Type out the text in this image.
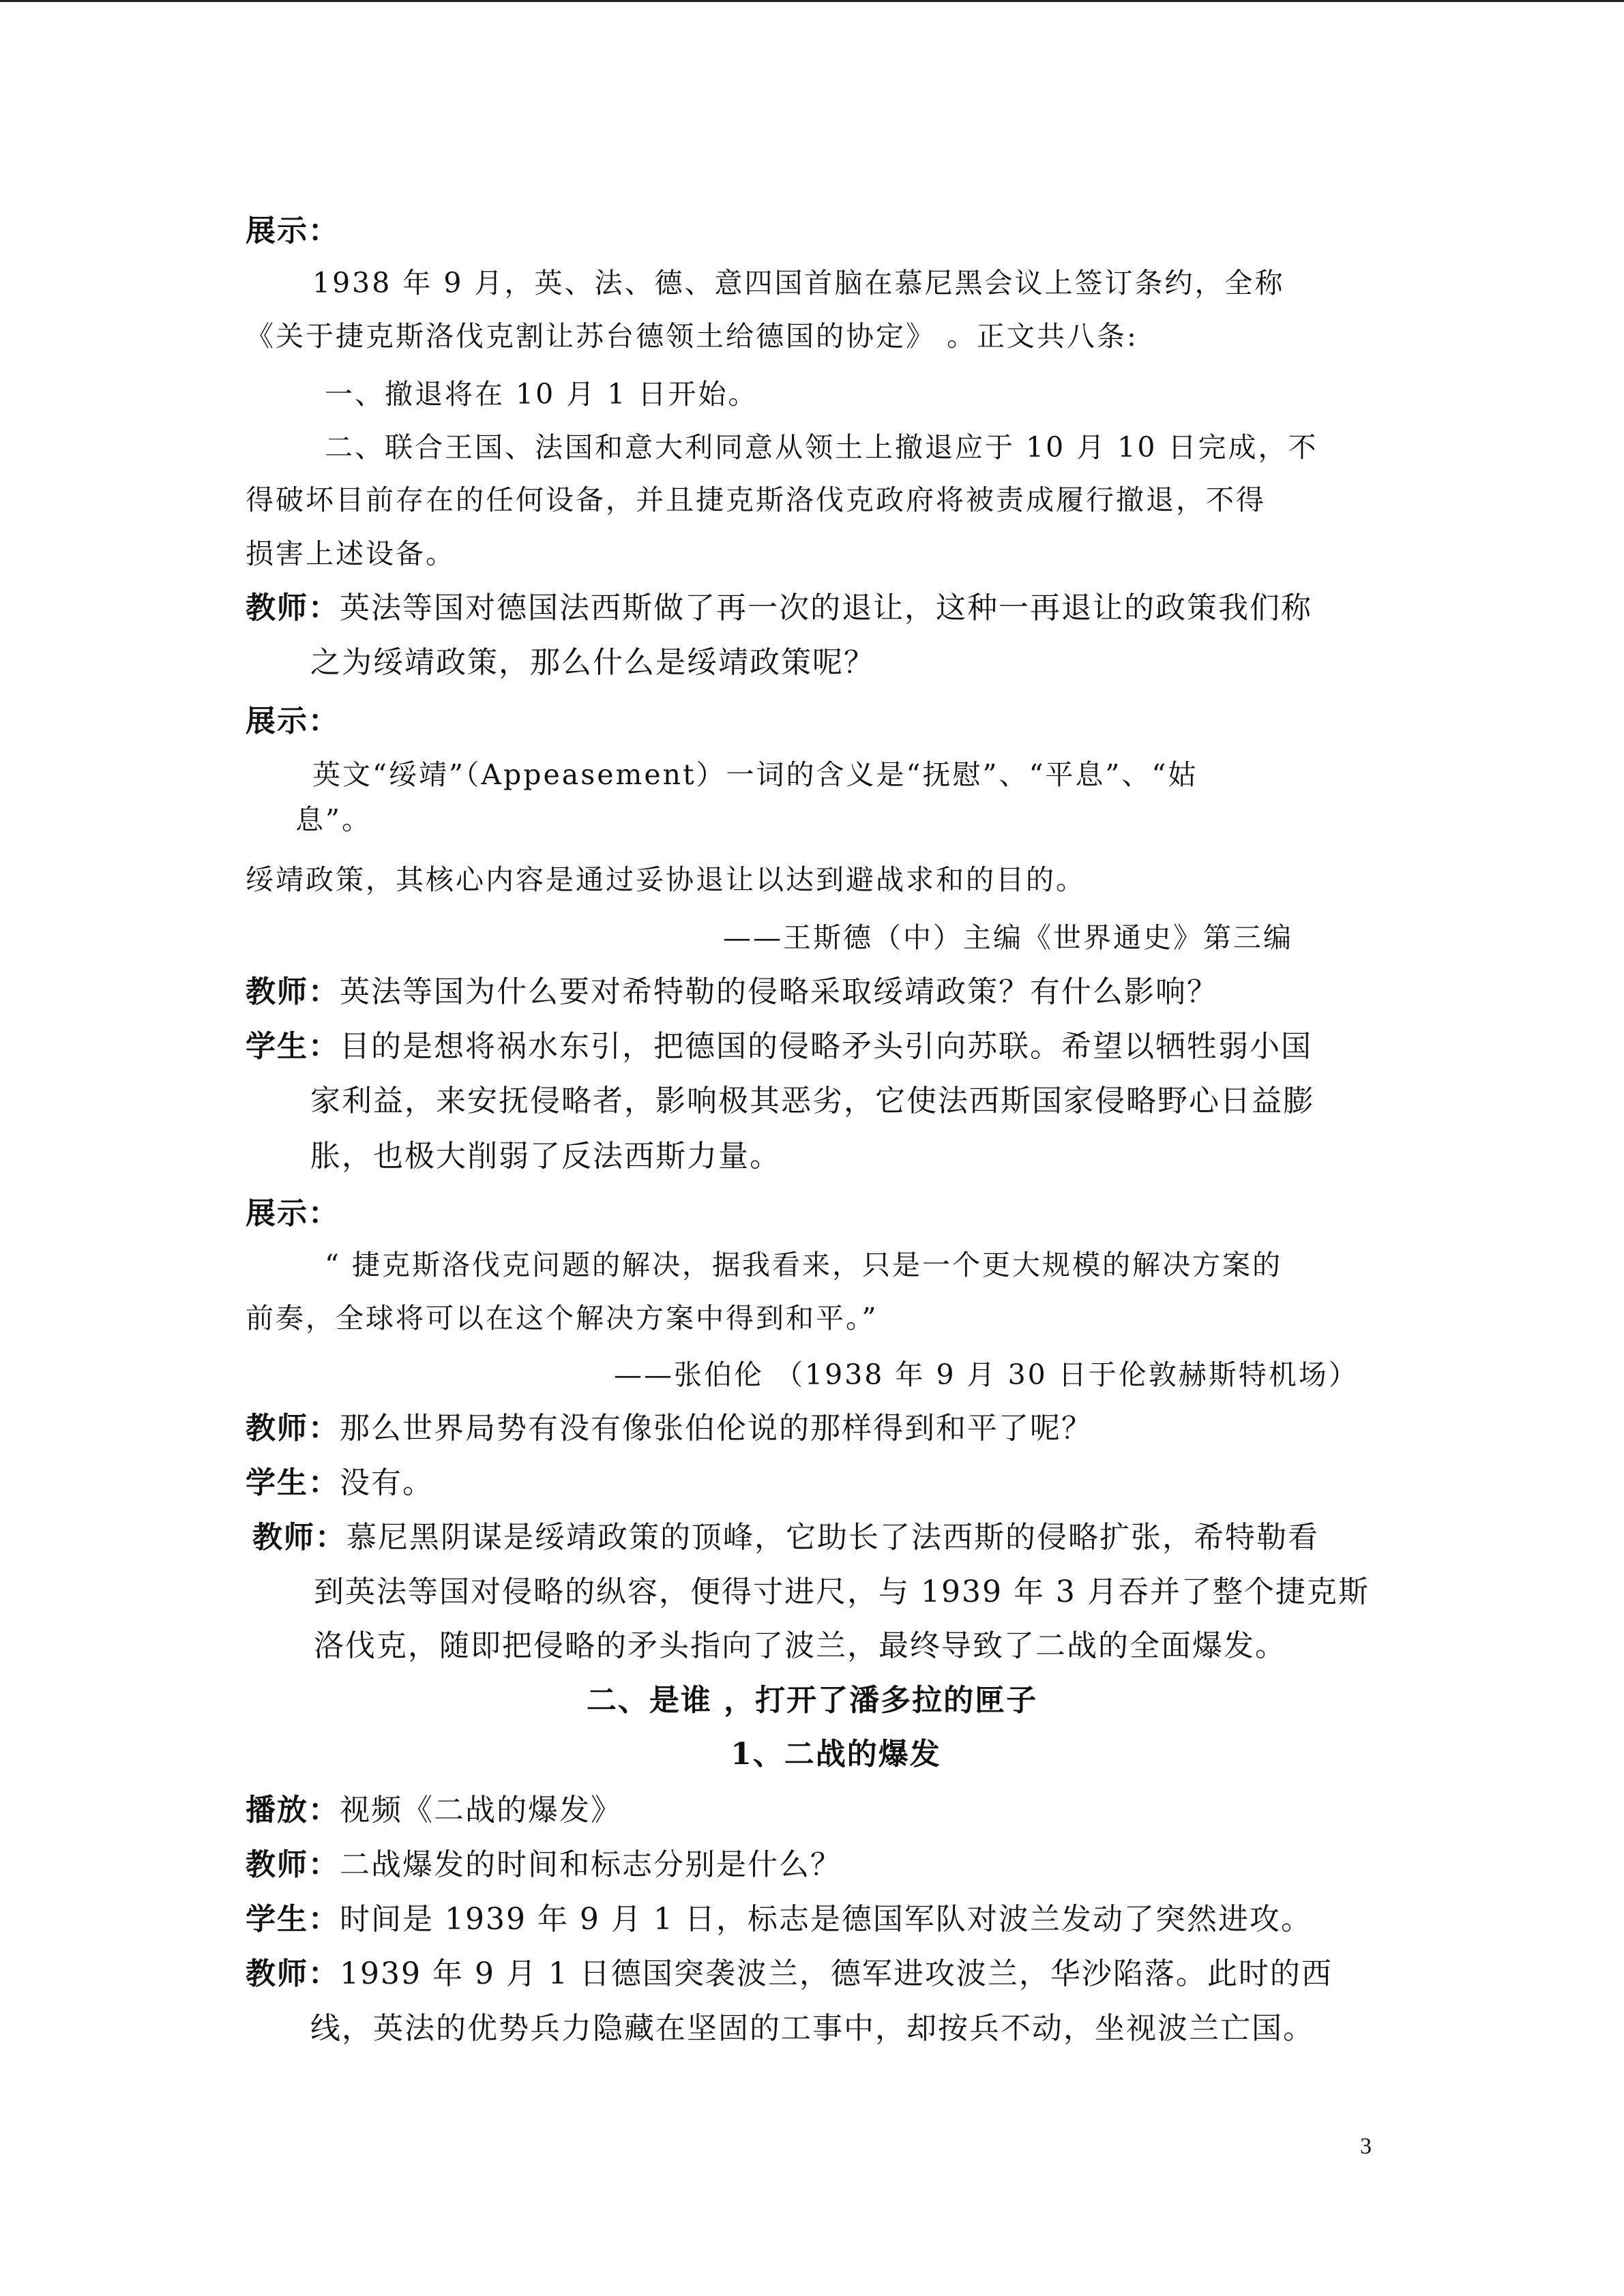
展示：

1938 年 9 月，英、法、德、意四国首脑在慕尼黑会议上签订条约，全称

《关于捷克斯洛伐克割让苏台德领土给德国的协定》 。正文共八条:

一、撤退将在 10 月 1 日开始。

二、联合王国、法国和意大利同意从领土上撤退应于 10 月 10 日完成，不

得破坏目前存在的任何设备，并且捷克斯洛伐克政府将被责成履行撤退，不得

损害上述设备。

教师：英法等国对德国法西斯做了再一次的退让，这种一再退让的政策我们称

之为绥靖政策，那么什么是绥靖政策呢？

展示：

英文“绥靖”（Appeasement）一词的含义是“抚慰”、“平息”、“姑

息”。

绥靖政策，其核心内容是通过妥协退让以达到避战求和的目的。

——王斯德（中）主编《世界通史》第三编

教师：英法等国为什么要对希特勒的侵略采取绥靖政策？有什么影响？

学生：目的是想将祸水东引，把德国的侵略矛头引向苏联。希望以牺牲弱小国

家利益，来安抚侵略者，影响极其恶劣，它使法西斯国家侵略野心日益膨

胀，也极大削弱了反法西斯力量。

展示：

“ 捷克斯洛伐克问题的解决，据我看来，只是一个更大规模的解决方案的

前奏，全球将可以在这个解决方案中得到和平。”

——张伯伦 （1938 年 9 月 30 日于伦敦赫斯特机场）

教师：那么世界局势有没有像张伯伦说的那样得到和平了呢？

学生：没有。

教师：慕尼黑阴谋是绥靖政策的顶峰，它助长了法西斯的侵略扩张，希特勒看

到英法等国对侵略的纵容，便得寸进尺，与 1939 年 3 月吞并了整个捷克斯

洛伐克，随即把侵略的矛头指向了波兰，最终导致了二战的全面爆发。

二、是谁 ，打开了潘多拉的匣子

1、二战的爆发

播放：视频《二战的爆发》

教师：二战爆发的时间和标志分别是什么？

学生：时间是 1939 年 9 月 1 日，标志是德国军队对波兰发动了突然进攻。

教师：1939 年 9 月 1 日德国突袭波兰，德军进攻波兰，华沙陷落。此时的西

线，英法的优势兵力隐藏在坚固的工事中，却按兵不动，坐视波兰亡国。

3
